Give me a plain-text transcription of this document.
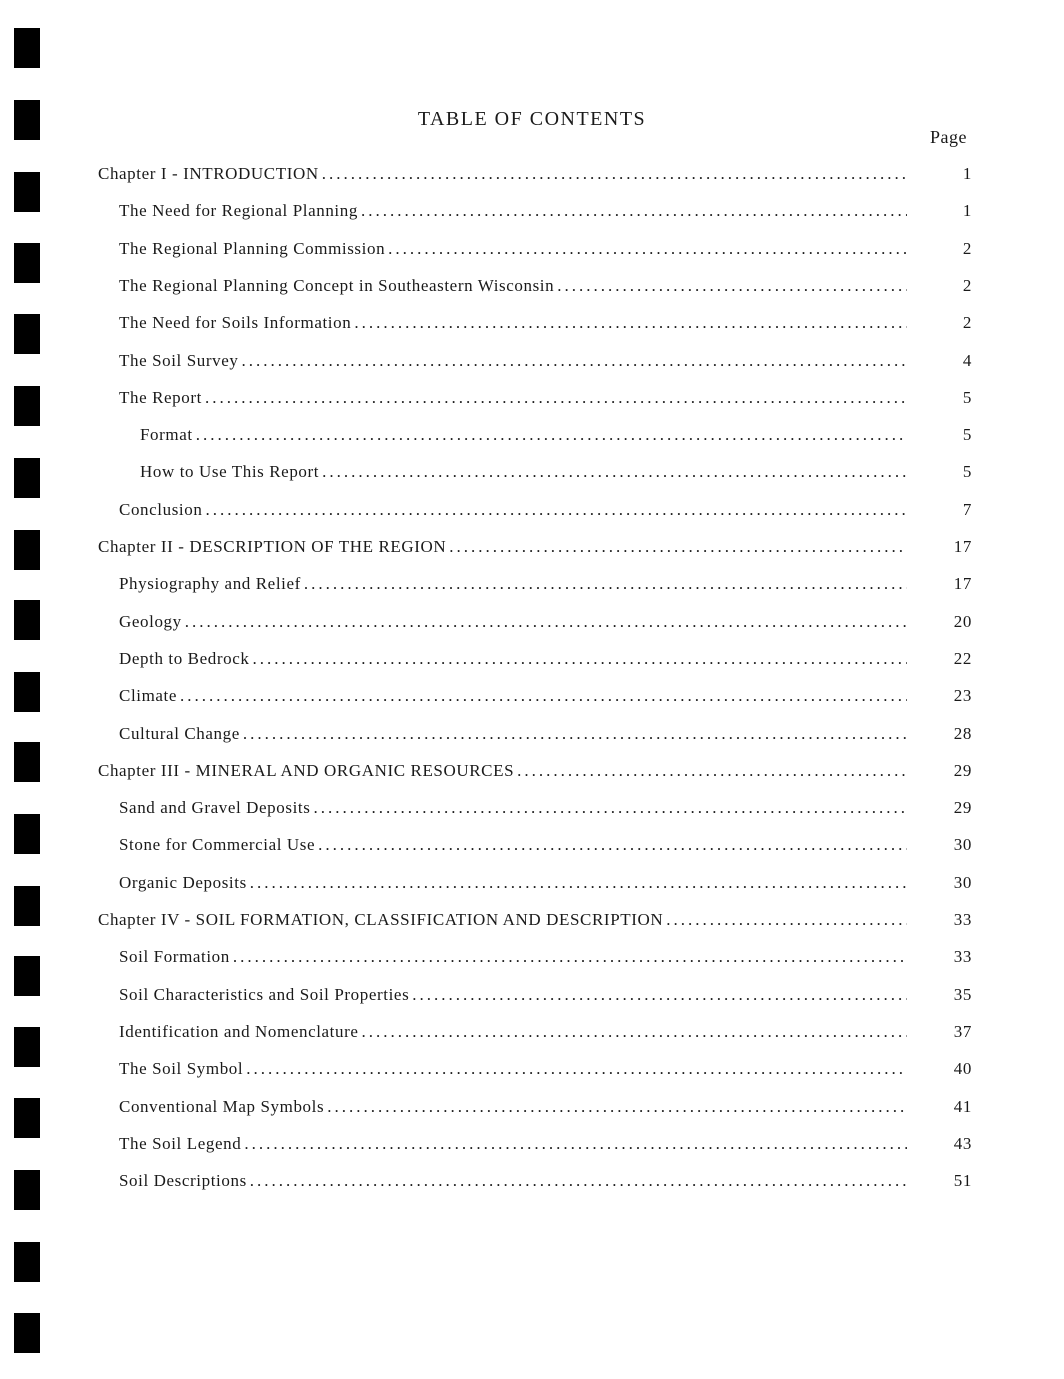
TABLE OF CONTENTS
Page
Chapter I - INTRODUCTION .....	1
The Need for Regional Planning .....	1
The Regional Planning Commission .....	2
The Regional Planning Concept in Southeastern Wisconsin .....	2
The Need for Soils Information .....	2
The Soil Survey .....	4
The Report .....	5
Format .....	5
How to Use This Report .....	5
Conclusion .....	7
Chapter II - DESCRIPTION OF THE REGION .....	17
Physiography and Relief .....	17
Geology .....	20
Depth to Bedrock .....	22
Climate .....	23
Cultural Change .....	28
Chapter III - MINERAL AND ORGANIC RESOURCES .....	29
Sand and Gravel Deposits .....	29
Stone for Commercial Use .....	30
Organic Deposits .....	30
Chapter IV - SOIL FORMATION, CLASSIFICATION AND DESCRIPTION .....	33
Soil Formation .....	33
Soil Characteristics and Soil Properties .....	35
Identification and Nomenclature .....	37
The Soil Symbol .....	40
Conventional Map Symbols .....	41
The Soil Legend .....	43
Soil Descriptions .....	51
